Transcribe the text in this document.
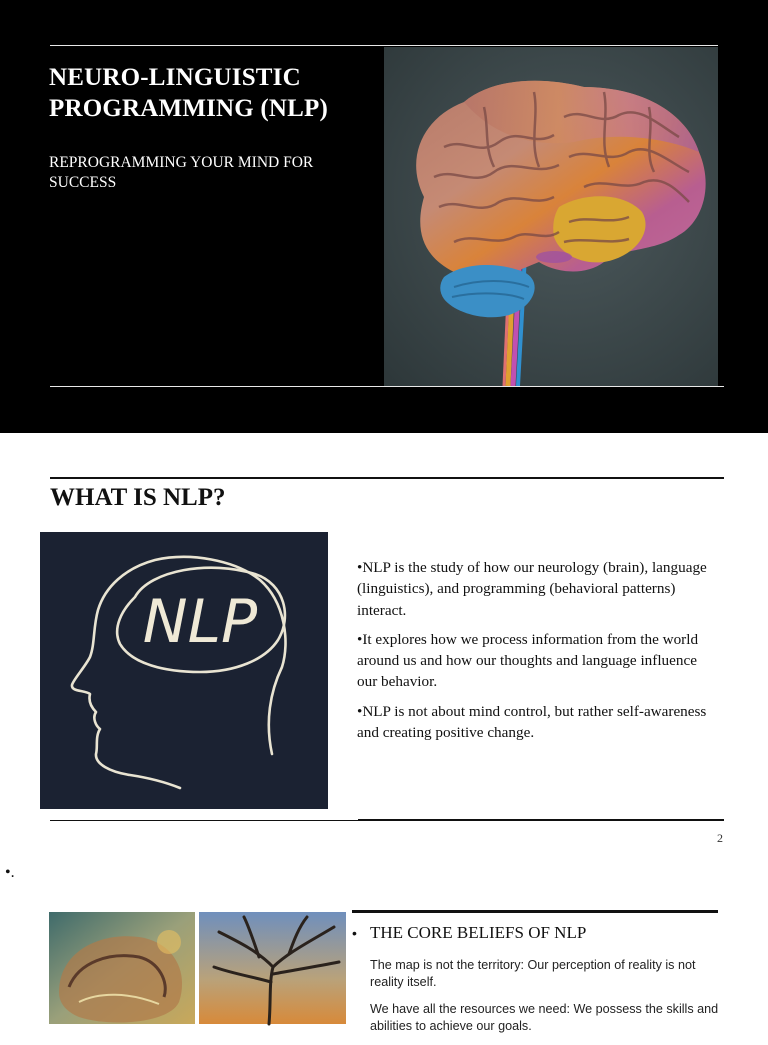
NEURO-LINGUISTIC
PROGRAMMING (NLP)
REPROGRAMMING YOUR MIND FOR
SUCCESS
WHAT IS NLP?
NLP

•NLP is the study of how our neurology (brain), language (linguistics), and programming (behavioral patterns) interact.

•It explores how we process information from the world around us and how our thoughts and language influence our behavior.

•NLP is not about mind control, but rather self-awareness and creating positive change.

2
•.
• THE CORE BELIEFS OF NLP

The map is not the territory: Our perception of reality is not reality itself.

We have all the resources we need: We possess the skills and abilities to achieve our goals.
